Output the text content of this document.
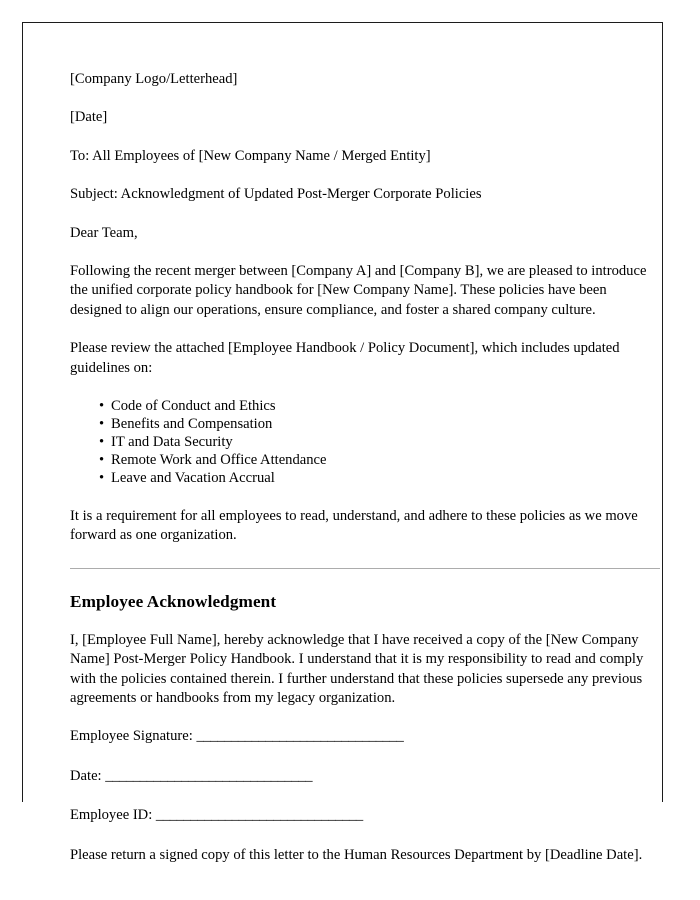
[Company Logo/Letterhead]

[Date]

To: All Employees of [New Company Name / Merged Entity]

Subject: Acknowledgment of Updated Post-Merger Corporate Policies

Dear Team,

Following the recent merger between [Company A] and [Company B], we are pleased to introduce the unified corporate policy handbook for [New Company Name]. These policies have been designed to align our operations, ensure compliance, and foster a shared company culture.

Please review the attached [Employee Handbook / Policy Document], which includes updated guidelines on:

• Code of Conduct and Ethics
• Benefits and Compensation
• IT and Data Security
• Remote Work and Office Attendance
• Leave and Vacation Accrual

It is a requirement for all employees to read, understand, and adhere to these policies as we move forward as one organization.

Employee Acknowledgment

I, [Employee Full Name], hereby acknowledge that I have received a copy of the [New Company Name] Post-Merger Policy Handbook. I understand that it is my responsibility to read and comply with the policies contained therein. I further understand that these policies supersede any previous agreements or handbooks from my legacy organization.

Employee Signature: ______________________________
Date: ______________________________
Employee ID: ______________________________

Please return a signed copy of this letter to the Human Resources Department by [Deadline Date].
